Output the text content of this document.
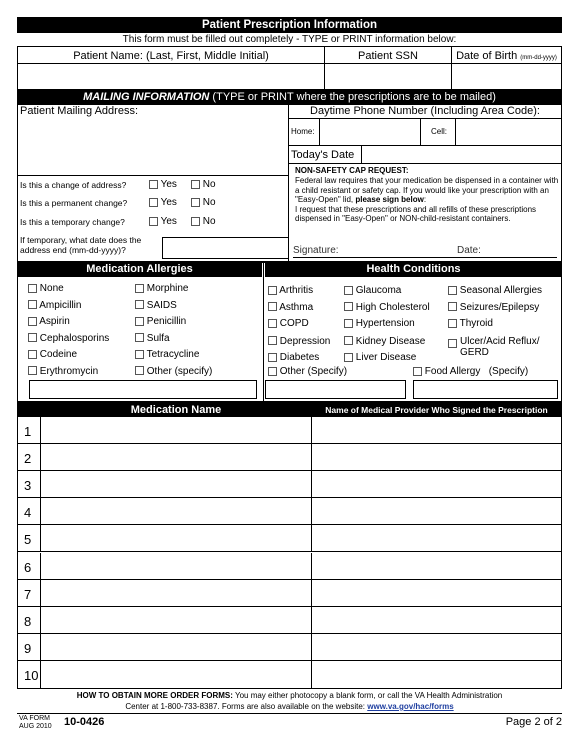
Patient Prescription Information
This form must be filled out completely - TYPE or PRINT information below:
Patient Name: (Last, First, Middle Initial)	Patient SSN	Date of Birth (mm-dd-yyyy)
MAILING INFORMATION (TYPE or PRINT where the prescriptions are to be mailed)
Patient Mailing Address:	Daytime Phone Number (Including Area Code):
Home:	Cell:
Today's Date
Is this a change of address?	Yes	No
Is this a permanent change?	Yes	No
Is this a temporary change?	Yes	No
If temporary, what date does the address end (mm-dd-yyyy)?
NON-SAFETY CAP REQUEST:
Federal law requires that your medication be dispensed in a container with a child resistant or safety cap. If you would like your prescription with an "Easy-Open" lid, please sign below:
I request that these prescriptions and all refills of these prescriptions dispensed in "Easy-Open" or NON-child-resistant containers.
Signature:	Date:
Medication Allergies	Health Conditions
None
Ampicillin
Aspirin
Cephalosporins
Codeine
Erythromycin
Morphine
SAIDS
Penicillin
Sulfa
Tetracycline
Other (specify)
Arthritis
Asthma
COPD
Depression
Diabetes
Glaucoma
High Cholesterol
Hypertension
Kidney Disease
Liver Disease
Seasonal Allergies
Seizures/Epilepsy
Thyroid
Ulcer/Acid Reflux/ GERD
Other (Specify)	Food Allergy (Specify)
Medication Name	Name of Medical Provider Who Signed the Prescription
1
2
3
4
5
6
7
8
9
10
HOW TO OBTAIN MORE ORDER FORMS: You may either photocopy a blank form, or call the VA Health Administration
Center at 1-800-733-8387. Forms are also available on the website: www.va.gov/hac/forms
VA FORM
AUG 2010 10-0426	Page 2 of 2
